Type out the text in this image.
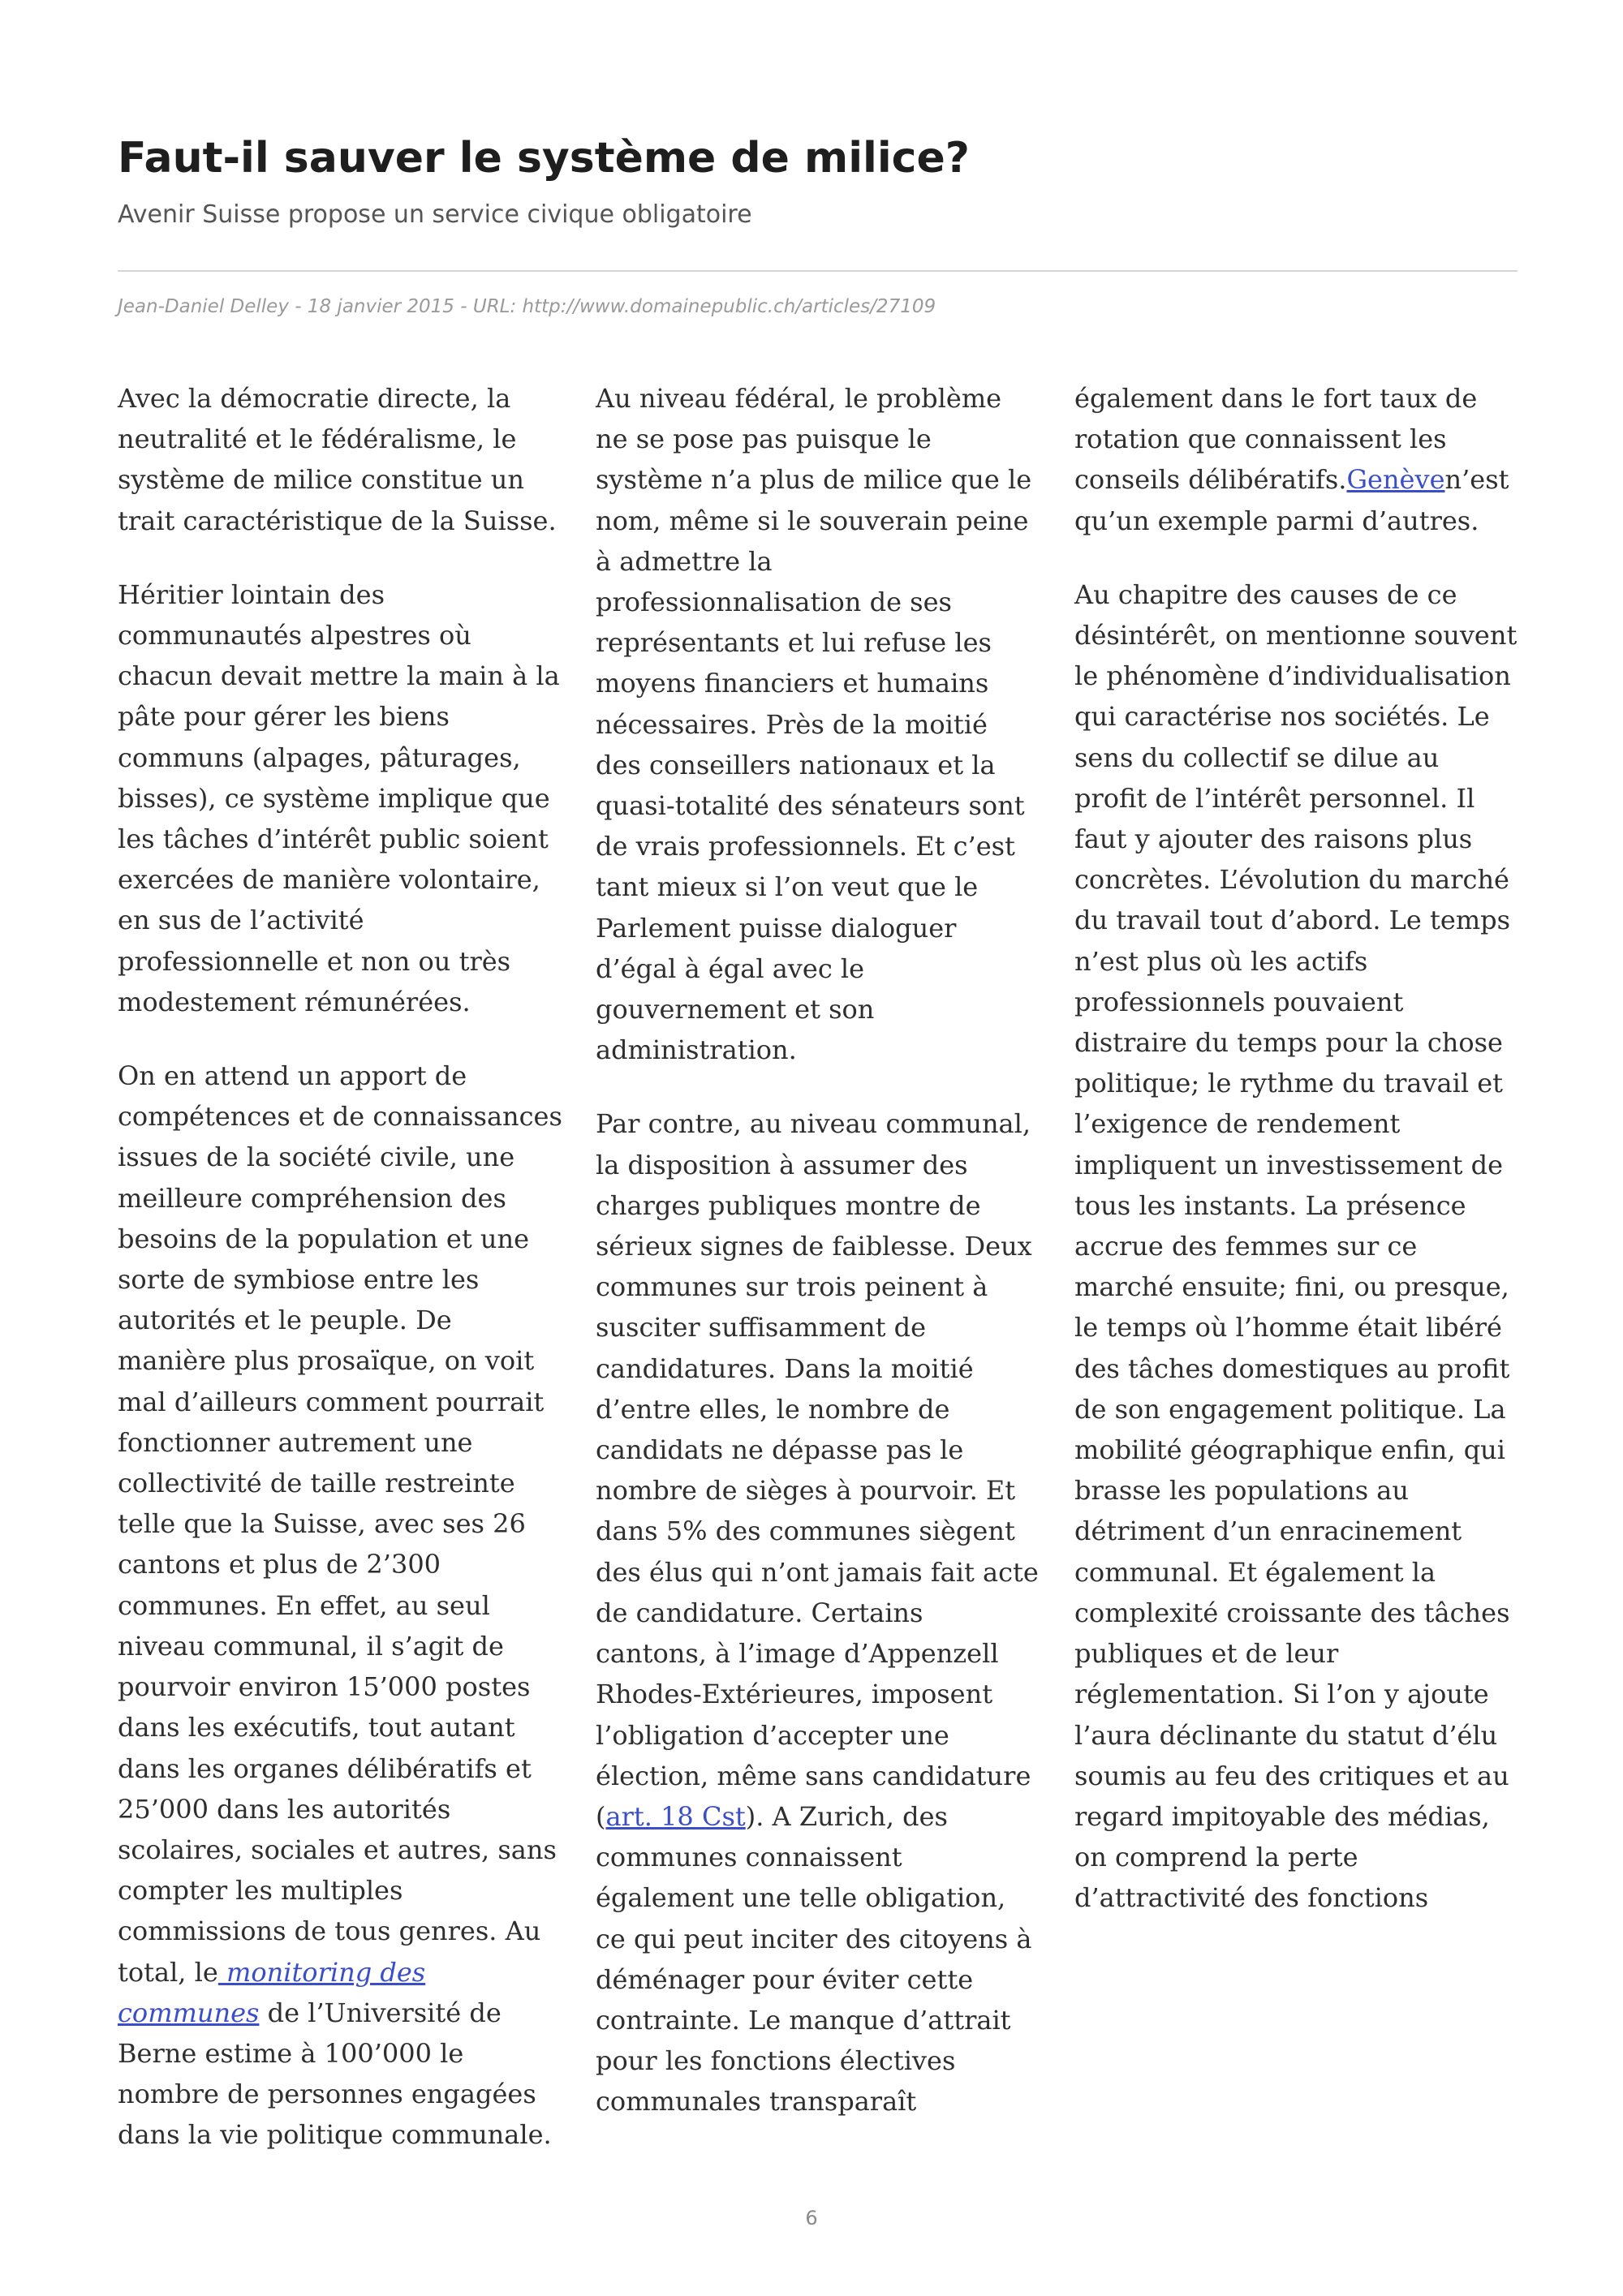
Faut-il sauver le système de milice?

Avenir Suisse propose un service civique obligatoire

Jean-Daniel Delley - 18 janvier 2015 - URL: http://www.domainepublic.ch/articles/27109

Avec la démocratie directe, la neutralité et le fédéralisme, le système de milice constitue un trait caractéristique de la Suisse.

Héritier lointain des communautés alpestres où chacun devait mettre la main à la pâte pour gérer les biens communs (alpages, pâturages, bisses), ce système implique que les tâches d’intérêt public soient exercées de manière volontaire, en sus de l’activité professionnelle et non ou très modestement rémunérées.

On en attend un apport de compétences et de connaissances issues de la société civile, une meilleure compréhension des besoins de la population et une sorte de symbiose entre les autorités et le peuple. De manière plus prosaïque, on voit mal d’ailleurs comment pourrait fonctionner autrement une collectivité de taille restreinte telle que la Suisse, avec ses 26 cantons et plus de 2’300 communes. En effet, au seul niveau communal, il s’agit de pourvoir environ 15’000 postes dans les exécutifs, tout autant dans les organes délibératifs et 25’000 dans les autorités scolaires, sociales et autres, sans compter les multiples commissions de tous genres. Au total, le monitoring des communes de l’Université de Berne estime à 100’000 le nombre de personnes engagées dans la vie politique communale.

Au niveau fédéral, le problème ne se pose pas puisque le système n’a plus de milice que le nom, même si le souverain peine à admettre la professionnalisation de ses représentants et lui refuse les moyens financiers et humains nécessaires. Près de la moitié des conseillers nationaux et la quasi-totalité des sénateurs sont de vrais professionnels. Et c’est tant mieux si l’on veut que le Parlement puisse dialoguer d’égal à égal avec le gouvernement et son administration.

Par contre, au niveau communal, la disposition à assumer des charges publiques montre de sérieux signes de faiblesse. Deux communes sur trois peinent à susciter suffisamment de candidatures. Dans la moitié d’entre elles, le nombre de candidats ne dépasse pas le nombre de sièges à pourvoir. Et dans 5% des communes siègent des élus qui n’ont jamais fait acte de candidature. Certains cantons, à l’image d’Appenzell Rhodes-Extérieures, imposent l’obligation d’accepter une élection, même sans candidature (art. 18 Cst). A Zurich, des communes connaissent également une telle obligation, ce qui peut inciter des citoyens à déménager pour éviter cette contrainte. Le manque d’attrait pour les fonctions électives communales transparaît

également dans le fort taux de rotation que connaissent les conseils délibératifs.Genèven’est qu’un exemple parmi d’autres.

Au chapitre des causes de ce désintérêt, on mentionne souvent le phénomène d’individualisation qui caractérise nos sociétés. Le sens du collectif se dilue au profit de l’intérêt personnel. Il faut y ajouter des raisons plus concrètes. L’évolution du marché du travail tout d’abord. Le temps n’est plus où les actifs professionnels pouvaient distraire du temps pour la chose politique; le rythme du travail et l’exigence de rendement impliquent un investissement de tous les instants. La présence accrue des femmes sur ce marché ensuite; fini, ou presque, le temps où l’homme était libéré des tâches domestiques au profit de son engagement politique. La mobilité géographique enfin, qui brasse les populations au détriment d’un enracinement communal. Et également la complexité croissante des tâches publiques et de leur réglementation. Si l’on y ajoute l’aura déclinante du statut d’élu soumis au feu des critiques et au regard impitoyable des médias, on comprend la perte d’attractivité des fonctions

6
